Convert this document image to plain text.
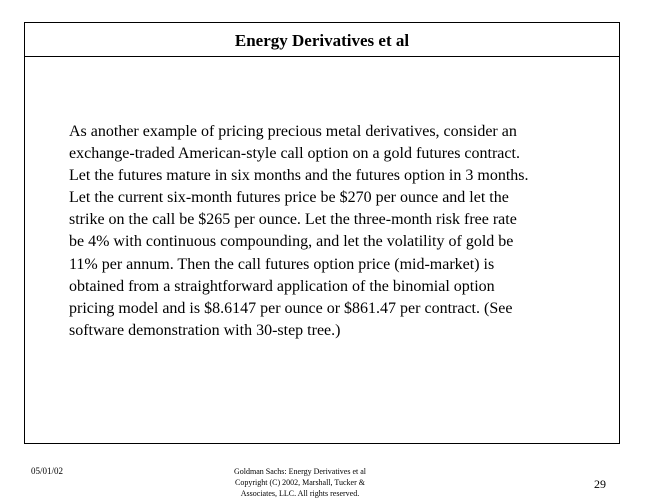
Energy Derivatives et al
As another example of pricing precious metal derivatives, consider an
exchange-traded American-style call option on a gold futures contract.
Let the futures mature in six months and the futures option in 3 months.
Let the current six-month futures price be $270 per ounce and let the
strike on the call be $265 per ounce. Let the three-month risk free rate
be 4% with continuous compounding, and let the volatility of gold be
11% per annum. Then the call futures option price (mid-market) is
obtained from a straightforward application of the binomial option
pricing model and is $8.6147 per ounce or $861.47 per contract. (See
software demonstration with 30-step tree.)
05/01/02	Goldman Sachs: Energy Derivatives et al
Copyright (C) 2002, Marshall, Tucker &
Associates, LLC. All rights reserved.
29
